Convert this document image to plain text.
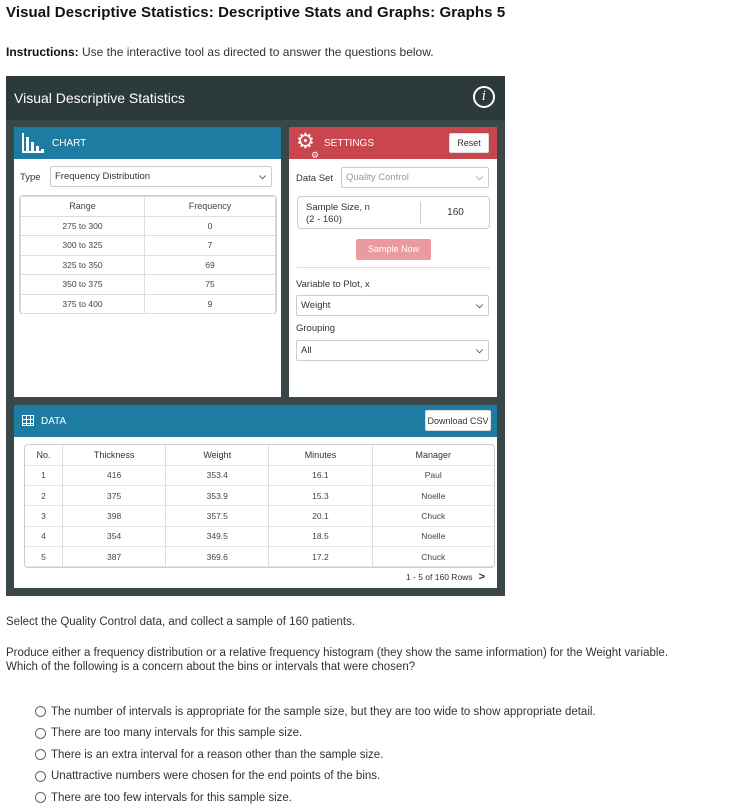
Visual Descriptive Statistics: Descriptive Stats and Graphs: Graphs 5
Instructions: Use the interactive tool as directed to answer the questions below.
Visual Descriptive Statistics	i
CHART
Type	Frequency Distribution	⌵
Range	Frequency
275 to 300	0
300 to 325	7
325 to 350	69
350 to 375	75
375 to 400	9
⚙
⚙
SETTINGS	Reset
Data Set	Quality Control	⌵
Sample Size, n
(2 - 160)
160
Sample Now
Variable to Plot, x
Weight	⌵
Grouping
All	⌵
DATA	Download CSV
No.	Thickness	Weight	Minutes	Manager
1	416	353.4	16.1	Paul
2	375	353.9	15.3	Noelle
3	398	357.5	20.1	Chuck
4	354	349.5	18.5	Noelle
5	387	369.6	17.2	Chuck
1 - 5 of 160 Rows >
Select the Quality Control data, and collect a sample of 160 patients.
Produce either a frequency distribution or a relative frequency histogram (they show the same information) for the Weight variable.
Which of the following is a concern about the bins or intervals that were chosen?
The number of intervals is appropriate for the sample size, but they are too wide to show appropriate detail.
There are too many intervals for this sample size.
There is an extra interval for a reason other than the sample size.
Unattractive numbers were chosen for the end points of the bins.
There are too few intervals for this sample size.
